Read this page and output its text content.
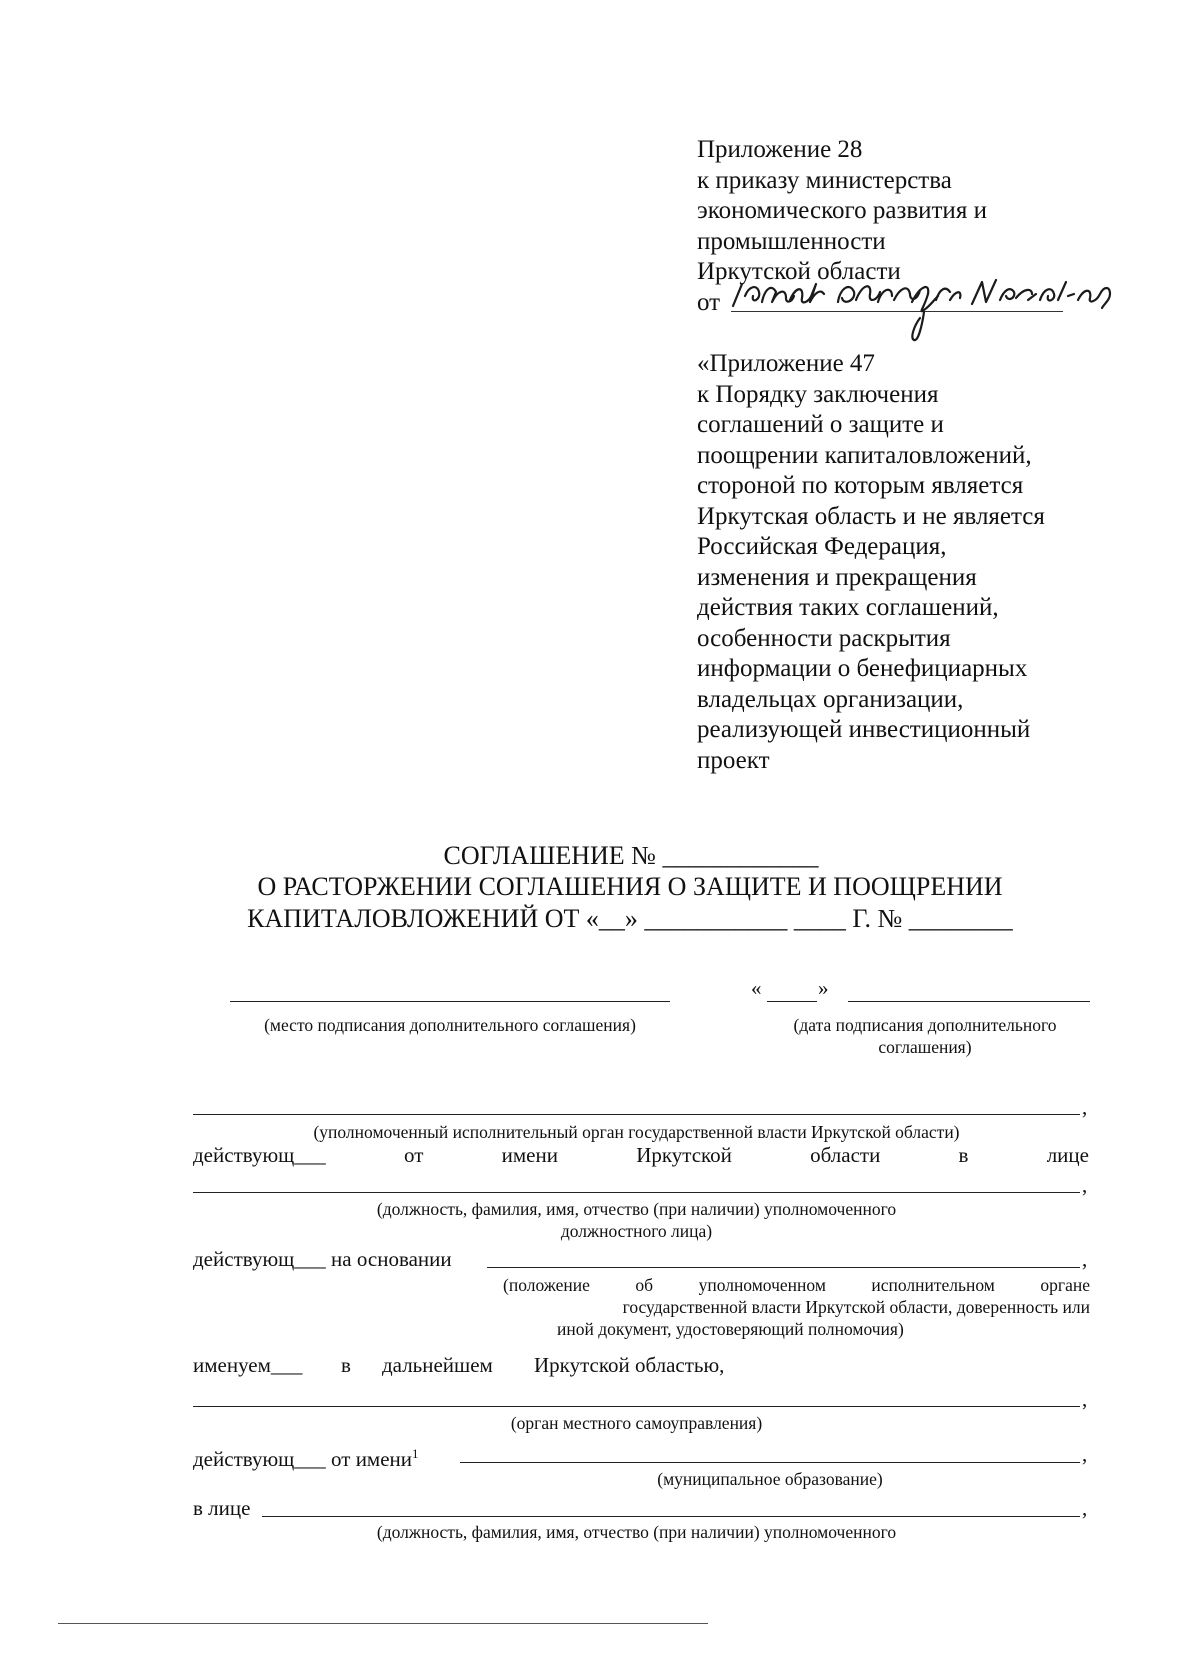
Приложение 28
к приказу министерства
экономического развития и
промышленности
Иркутской области
от
«Приложение 47
к Порядку заключения
соглашений о защите и
поощрении капиталовложений,
стороной по которым является
Иркутская область и не является
Российская Федерация,
изменения и прекращения
действия таких соглашений,
особенности раскрытия
информации о бенефициарных
владельцах организации,
реализующей инвестиционный
проект
СОГЛАШЕНИЕ № ____________
О РАСТОРЖЕНИИ СОГЛАШЕНИЯ О ЗАЩИТЕ И ПООЩРЕНИИ
КАПИТАЛОВЛОЖЕНИЙ ОТ «__» ___________ ____ Г. № ________
«	»
(место подписания дополнительного соглашения)	(дата подписания дополнительного
соглашения)
,
(уполномоченный исполнительный орган государственной власти Иркутской области)
действующ___	от	имени	Иркутской	области	в	лице
,
(должность, фамилия, имя, отчество (при наличии) уполномоченного
должностного лица)
действующ___ на основании	,
(положение	об	уполномоченном	исполнительном	органе
государственной власти Иркутской области, доверенность или
иной документ, удостоверяющий полномочия)
именуем___	в	дальнейшем	Иркутской областью,
,
(орган местного самоуправления)
действующ___ от имени$^1$	,
(муниципальное образование)
в лице	,
(должность, фамилия, имя, отчество (при наличии) уполномоченного
